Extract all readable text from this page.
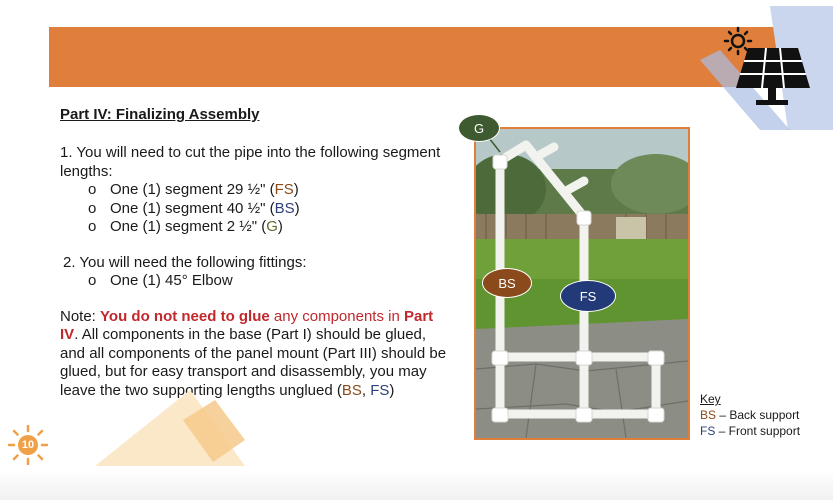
Part IV: Finalizing Assembly

1. You will need to cut the pipe into the following segment lengths:

o One (1) segment 29 ½" (FS)

o One (1) segment 40 ½" (BS)

o One (1) segment 2 ½" (G)

2. You will need the following fittings:

o One (1) 45° Elbow

Note: You do not need to glue any components in Part IV. All components in the base (Part I) should be glued, and all components of the panel mount (Part III) should be glued, but for easy transport and disassembly, you may leave the two supporting lengths unglued (BS, FS)

G
BS
FS

Key

BS – Back support

FS – Front support

10
